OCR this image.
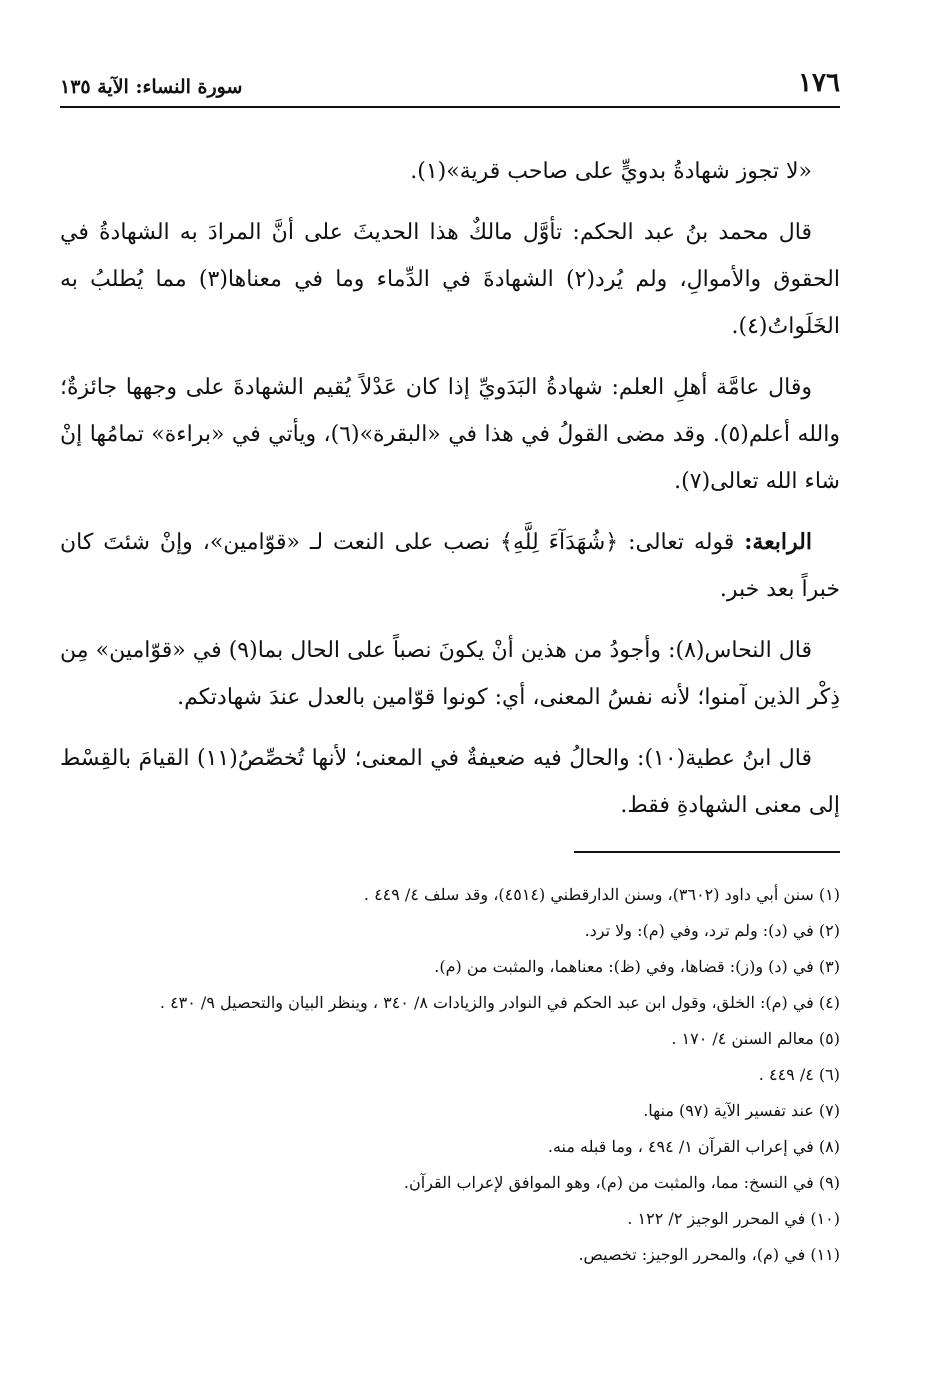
١٧٦
سورة النساء: الآية ١٣٥

«لا تجوز شهادةُ بدويٍّ على صاحب قرية»(١).

قال محمد بنُ عبد الحكم: تأوَّل مالكٌ هذا الحديثَ على أنَّ المرادَ به الشهادةُ في الحقوق والأموالِ، ولم يُرد(٢) الشهادةَ في الدِّماء وما في معناها(٣) مما يُطلبُ به الخَلَواتُ(٤).

وقال عامَّة أهلِ العلم: شهادةُ البَدَويِّ إذا كان عَدْلاً يُقيم الشهادةَ على وجهها جائزةٌ؛ والله أعلم(٥). وقد مضى القولُ في هذا في «البقرة»(٦)، ويأتي في «براءة» تمامُها إنْ شاء الله تعالى(٧).

الرابعة: قوله تعالى: ﴿شُهَدَآءَ لِلَّهِ﴾ نصب على النعت لـ «قوّامين»، وإنْ شئتَ كان خبراً بعد خبر.

قال النحاس(٨): وأجودُ من هذين أنْ يكونَ نصباً على الحال بما(٩) في «قوّامين» مِن ذِكْر الذين آمنوا؛ لأنه نفسُ المعنى، أي: كونوا قوّامين بالعدل عندَ شهادتكم.

قال ابنُ عطية(١٠): والحالُ فيه ضعيفةٌ في المعنى؛ لأنها تُخصِّصُ(١١) القيامَ بالقِسْط إلى معنى الشهادةِ فقط.

(١) سنن أبي داود (٣٦٠٢)، وسنن الدارقطني (٤٥١٤)، وقد سلف ٤/ ٤٤٩ .

(٢) في (د): ولم ترد، وفي (م): ولا ترد.

(٣) في (د) و(ز): قضاها، وفي (ظ): معناهما، والمثبت من (م).

(٤) في (م): الخلق، وقول ابن عبد الحكم في النوادر والزيادات ٨/ ٣٤٠ ، وينظر البيان والتحصيل ٩/ ٤٣٠ .

(٥) معالم السنن ٤/ ١٧٠ .

(٦) ٤/ ٤٤٩ .

(٧) عند تفسير الآية (٩٧) منها.

(٨) في إعراب القرآن ١/ ٤٩٤ ، وما قبله منه.

(٩) في النسخ: مما، والمثبت من (م)، وهو الموافق لإعراب القرآن.

(١٠) في المحرر الوجيز ٢/ ١٢٢ .

(١١) في (م)، والمحرر الوجيز: تخصيص.
